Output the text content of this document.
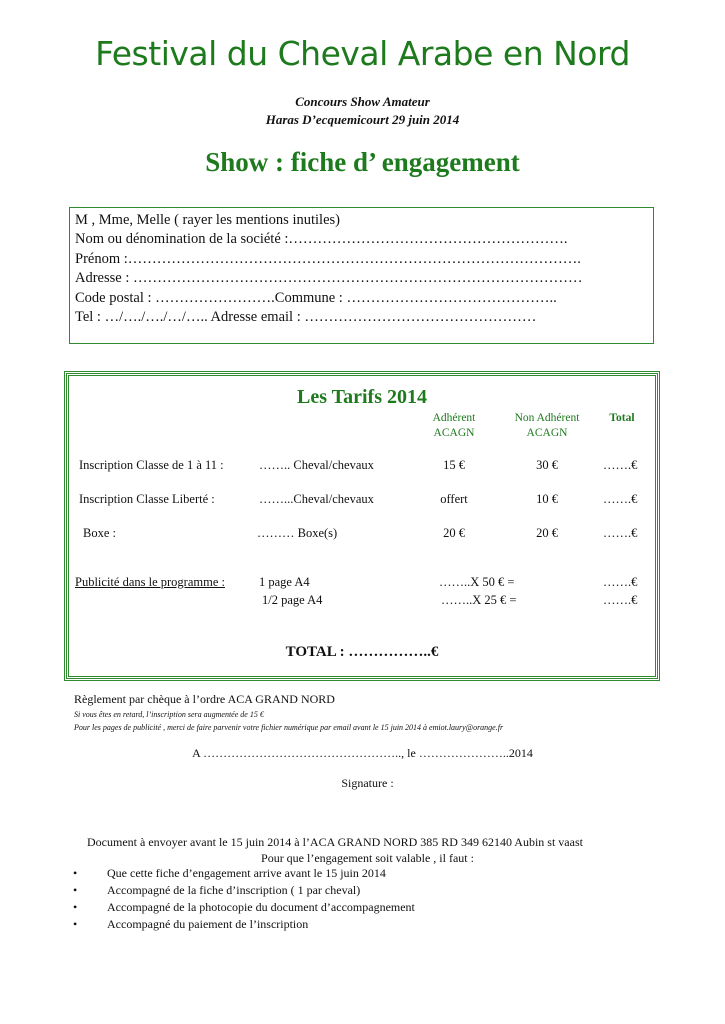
Festival du Cheval Arabe en Nord
Concours Show Amateur
Haras D’ecquemicourt 29 juin 2014
Show : fiche d’ engagement
M , Mme, Melle ( rayer les mentions inutiles)
Nom ou dénomination de la société :………………………………………………….
Prénom :………………………………………………………………………………….
Adresse : …………………………………………………………………………………
Code postal : …………………….Commune : ……………………………………..
Tel : …/…./…./…/….. Adresse email : …………………………………………
Les Tarifs 2014
Adhérent
ACAGN
Non Adhérent
ACAGN
Total
Inscription Classe de 1 à 11 :	…….. Cheval/chevaux	15 €	30 €	…….€
Inscription Classe Liberté :	……...Cheval/chevaux	offert	10 €	…….€
Boxe :	……… Boxe(s)	20 €	20 €	…….€
Publicité dans le programme :	1 page A4	……..X 50 € =	…….€
1/2 page A4	……..X 25 € =	…….€
TOTAL : ……………..€
Règlement par chèque à l’ordre ACA GRAND NORD
Si vous êtes en retard, l’inscription sera augmentée de 15 €
Pour les pages de publicité , merci de faire parvenir votre fichier numérique par email avant le 15 juin 2014 à emiot.laury@orange.fr
A ………………………………………….., le …………………..2014
Signature :
Document à envoyer avant le 15 juin 2014 à l’ACA GRAND NORD 385 RD 349 62140 Aubin st vaast
Pour que l’engagement soit valable , il faut :
• Que cette fiche d’engagement arrive avant le 15 juin 2014
• Accompagné de la fiche d’inscription ( 1 par cheval)
• Accompagné de la photocopie du document d’accompagnement
• Accompagné du paiement de l’inscription
